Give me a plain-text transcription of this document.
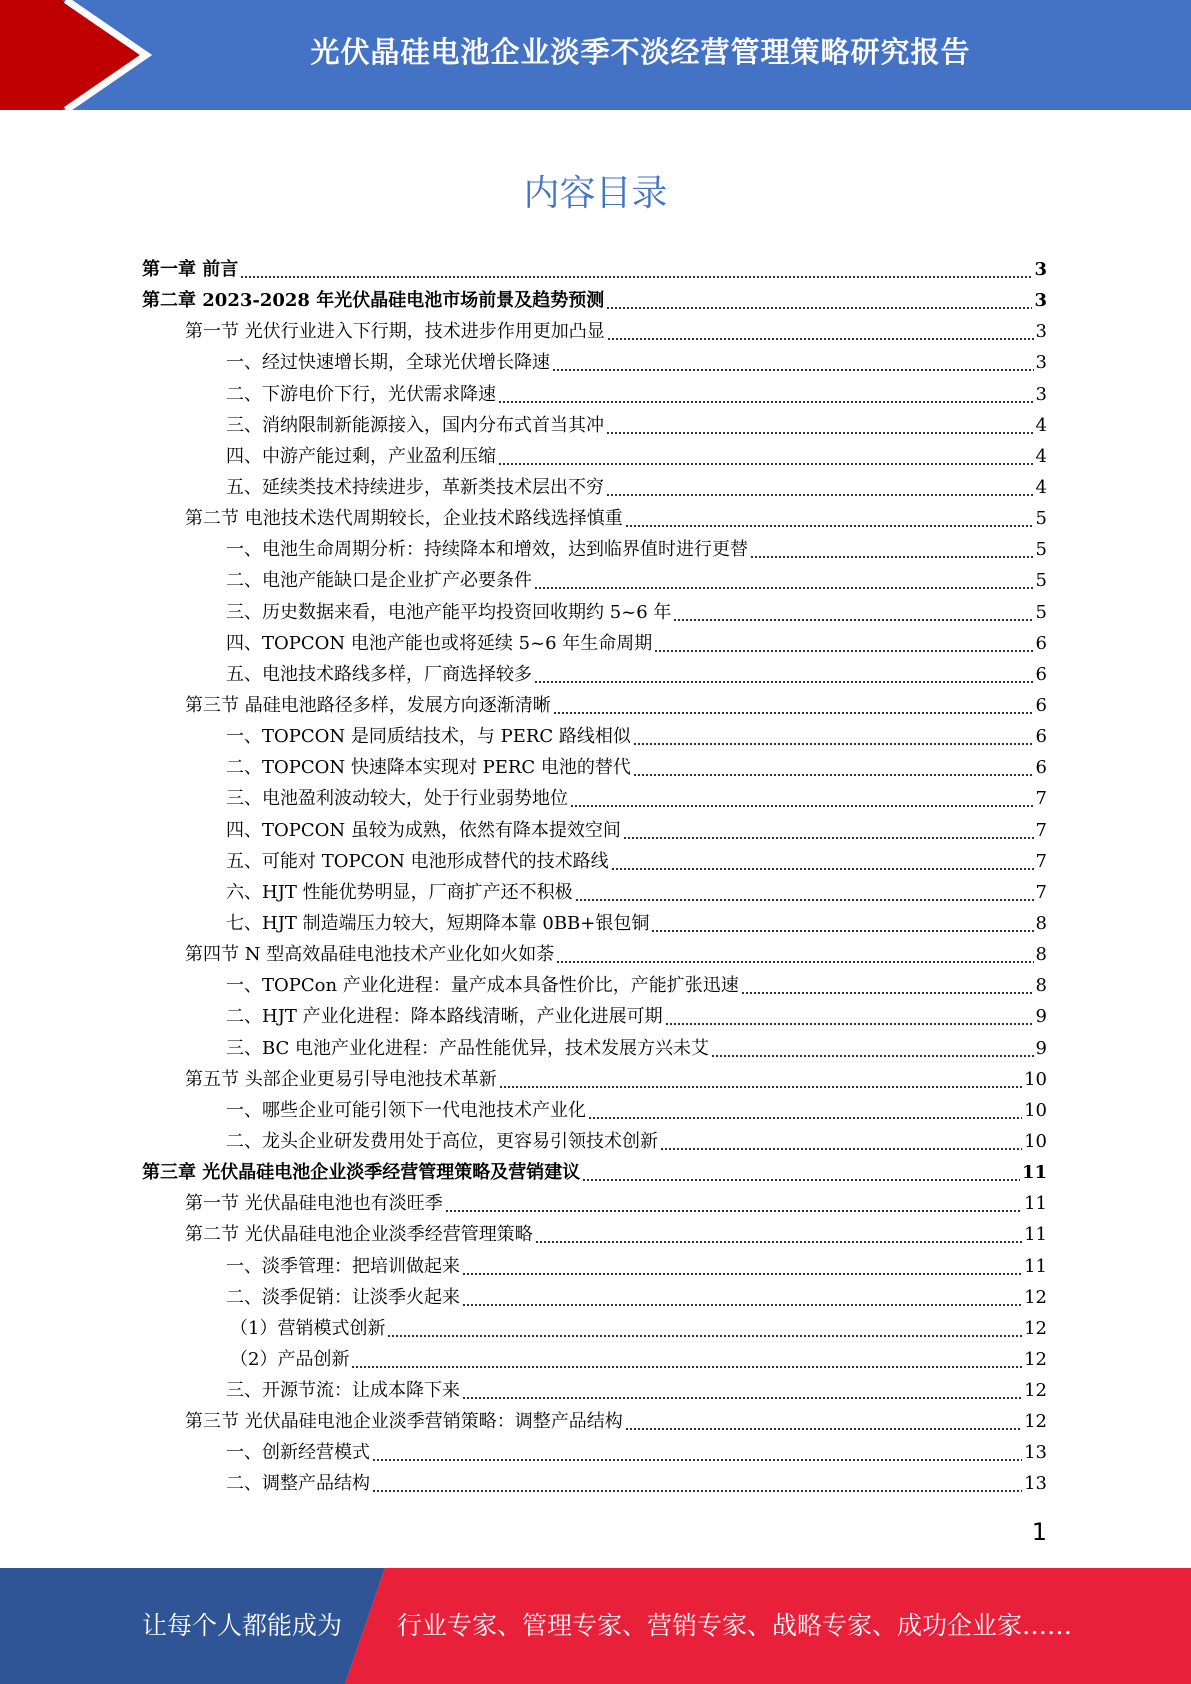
光伏晶硅电池企业淡季不淡经营管理策略研究报告
内容目录
第一章 前言	3
第二章 2023-2028 年光伏晶硅电池市场前景及趋势预测	3
第一节 光伏行业进入下行期，技术进步作用更加凸显	3
一、经过快速增长期，全球光伏增长降速	3
二、下游电价下行，光伏需求降速	3
三、消纳限制新能源接入，国内分布式首当其冲	4
四、中游产能过剩，产业盈利压缩	4
五、延续类技术持续进步，革新类技术层出不穷	4
第二节 电池技术迭代周期较长，企业技术路线选择慎重	5
一、电池生命周期分析：持续降本和增效，达到临界值时进行更替	5
二、电池产能缺口是企业扩产必要条件	5
三、历史数据来看，电池产能平均投资回收期约 5~6 年	5
四、TOPCON 电池产能也或将延续 5~6 年生命周期	6
五、电池技术路线多样，厂商选择较多	6
第三节 晶硅电池路径多样，发展方向逐渐清晰	6
一、TOPCON 是同质结技术，与 PERC 路线相似	6
二、TOPCON 快速降本实现对 PERC 电池的替代	6
三、电池盈利波动较大，处于行业弱势地位	7
四、TOPCON 虽较为成熟，依然有降本提效空间	7
五、可能对 TOPCON 电池形成替代的技术路线	7
六、HJT 性能优势明显，厂商扩产还不积极	7
七、HJT 制造端压力较大，短期降本靠 0BB+银包铜	8
第四节 N 型高效晶硅电池技术产业化如火如荼	8
一、TOPCon 产业化进程：量产成本具备性价比，产能扩张迅速	8
二、HJT 产业化进程：降本路线清晰，产业化进展可期	9
三、BC 电池产业化进程：产品性能优异，技术发展方兴未艾	9
第五节 头部企业更易引导电池技术革新	10
一、哪些企业可能引领下一代电池技术产业化	10
二、龙头企业研发费用处于高位，更容易引领技术创新	10
第三章 光伏晶硅电池企业淡季经营管理策略及营销建议	11
第一节 光伏晶硅电池也有淡旺季	11
第二节 光伏晶硅电池企业淡季经营管理策略	11
一、淡季管理：把培训做起来	11
二、淡季促销：让淡季火起来	12
（1）营销模式创新	12
（2）产品创新	12
三、开源节流：让成本降下来	12
第三节 光伏晶硅电池企业淡季营销策略：调整产品结构	12
一、创新经营模式	13
二、调整产品结构	13
1
让每个人都能成为 行业专家、管理专家、营销专家、战略专家、成功企业家……
